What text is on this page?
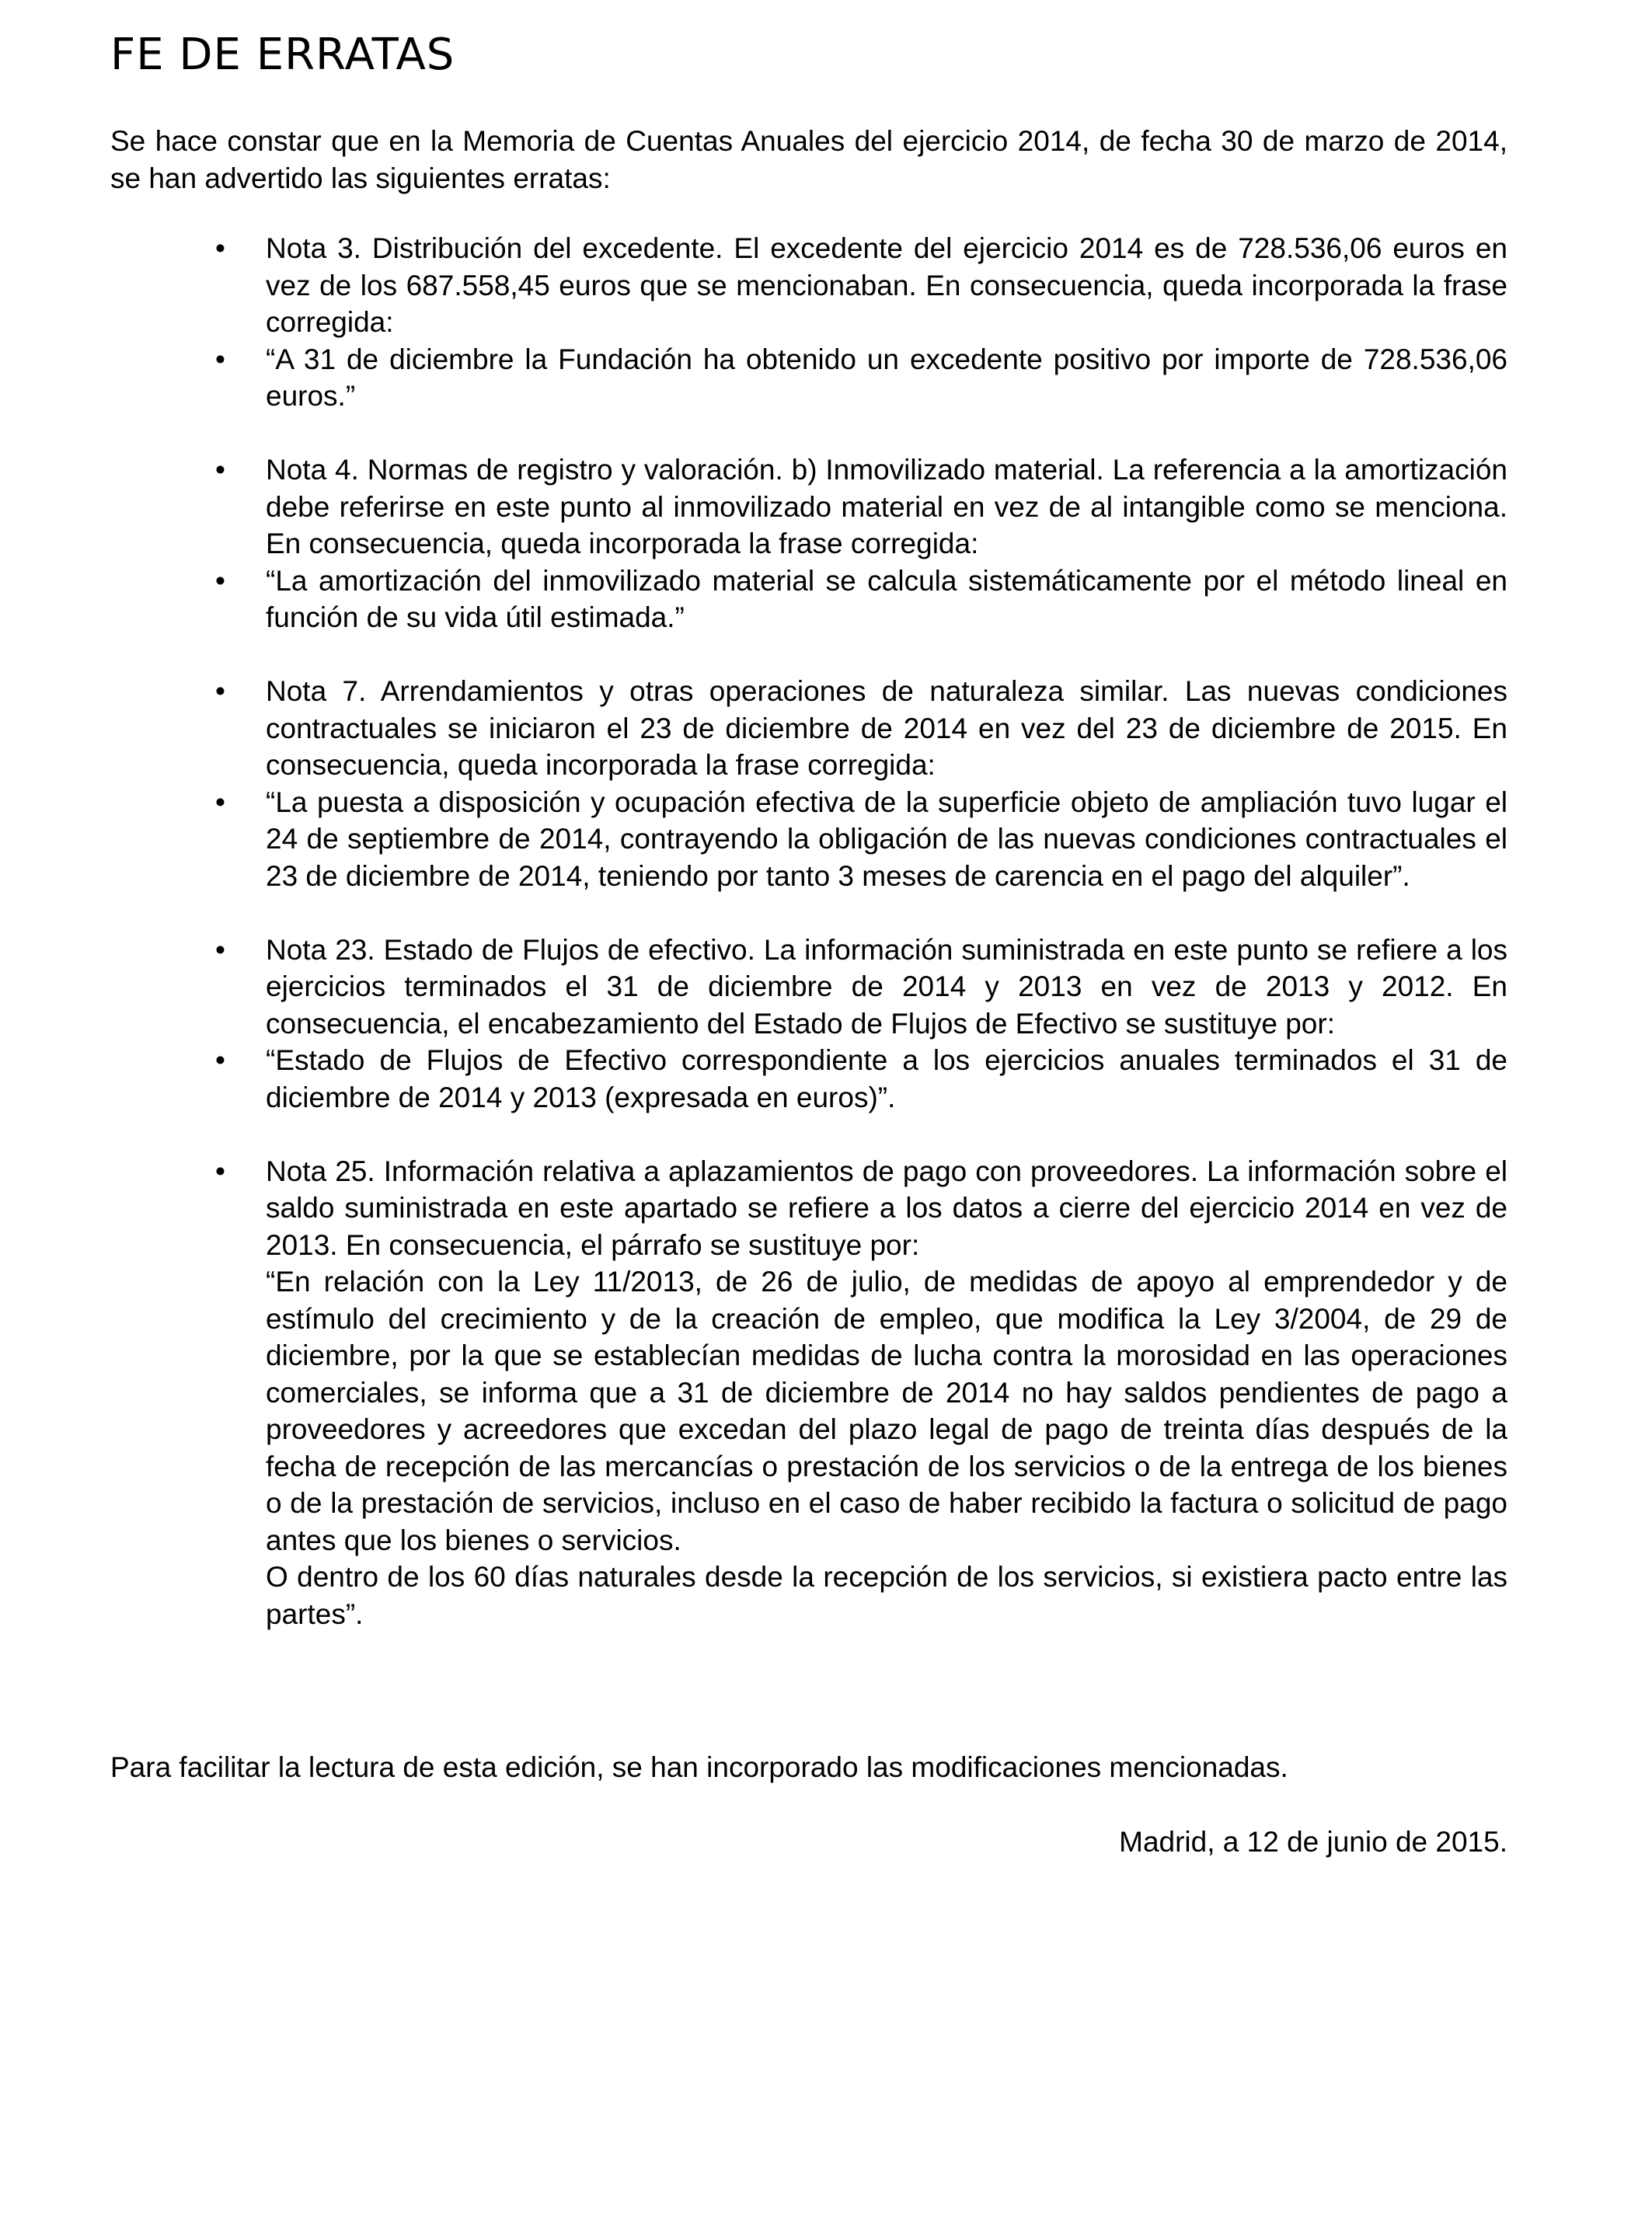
FE DE ERRATAS

Se hace constar que en la Memoria de Cuentas Anuales del ejercicio 2014, de fecha 30 de marzo de 2014, se han advertido las siguientes erratas:

• Nota 3. Distribución del excedente. El excedente del ejercicio 2014 es de 728.536,06 euros en vez de los 687.558,45 euros que se mencionaban. En consecuencia, queda incorporada la frase corregida:
• “A 31 de diciembre la Fundación ha obtenido un excedente positivo por importe de 728.536,06 euros.”
• Nota 4. Normas de registro y valoración. b) Inmovilizado material. La referencia a la amortización debe referirse en este punto al inmovilizado material en vez de al intangible como se menciona. En consecuencia, queda incorporada la frase corregida:
• “La amortización del inmovilizado material se calcula sistemáticamente por el método lineal en función de su vida útil estimada.”
• Nota 7. Arrendamientos y otras operaciones de naturaleza similar. Las nuevas condiciones contractuales se iniciaron el 23 de diciembre de 2014 en vez del 23 de diciembre de 2015. En consecuencia, queda incorporada la frase corregida:
• “La puesta a disposición y ocupación efectiva de la superficie objeto de ampliación tuvo lugar el 24 de septiembre de 2014, contrayendo la obligación de las nuevas condiciones contractuales el 23 de diciembre de 2014, teniendo por tanto 3 meses de carencia en el pago del alquiler”.
• Nota 23. Estado de Flujos de efectivo. La información suministrada en este punto se refiere a los ejercicios terminados el 31 de diciembre de 2014 y 2013 en vez de 2013 y 2012. En consecuencia, el encabezamiento del Estado de Flujos de Efectivo se sustituye por:
• “Estado de Flujos de Efectivo correspondiente a los ejercicios anuales terminados el 31 de diciembre de 2014 y 2013 (expresada en euros)”.
• Nota 25. Información relativa a aplazamientos de pago con proveedores. La información sobre el saldo suministrada en este apartado se refiere a los datos a cierre del ejercicio 2014 en vez de 2013. En consecuencia, el párrafo se sustituye por:
“En relación con la Ley 11/2013, de 26 de julio, de medidas de apoyo al emprendedor y de estímulo del crecimiento y de la creación de empleo, que modifica la Ley 3/2004, de 29 de diciembre, por la que se establecían medidas de lucha contra la morosidad en las operaciones comerciales, se informa que a 31 de diciembre de 2014 no hay saldos pendientes de pago a proveedores y acreedores que excedan del plazo legal de pago de treinta días después de la fecha de recepción de las mercancías o prestación de los servicios o de la entrega de los bienes o de la prestación de servicios, incluso en el caso de haber recibido la factura o solicitud de pago antes que los bienes o servicios.
O dentro de los 60 días naturales desde la recepción de los servicios, si existiera pacto entre las partes”.

Para facilitar la lectura de esta edición, se han incorporado las modificaciones mencionadas.

Madrid, a 12 de junio de 2015.
